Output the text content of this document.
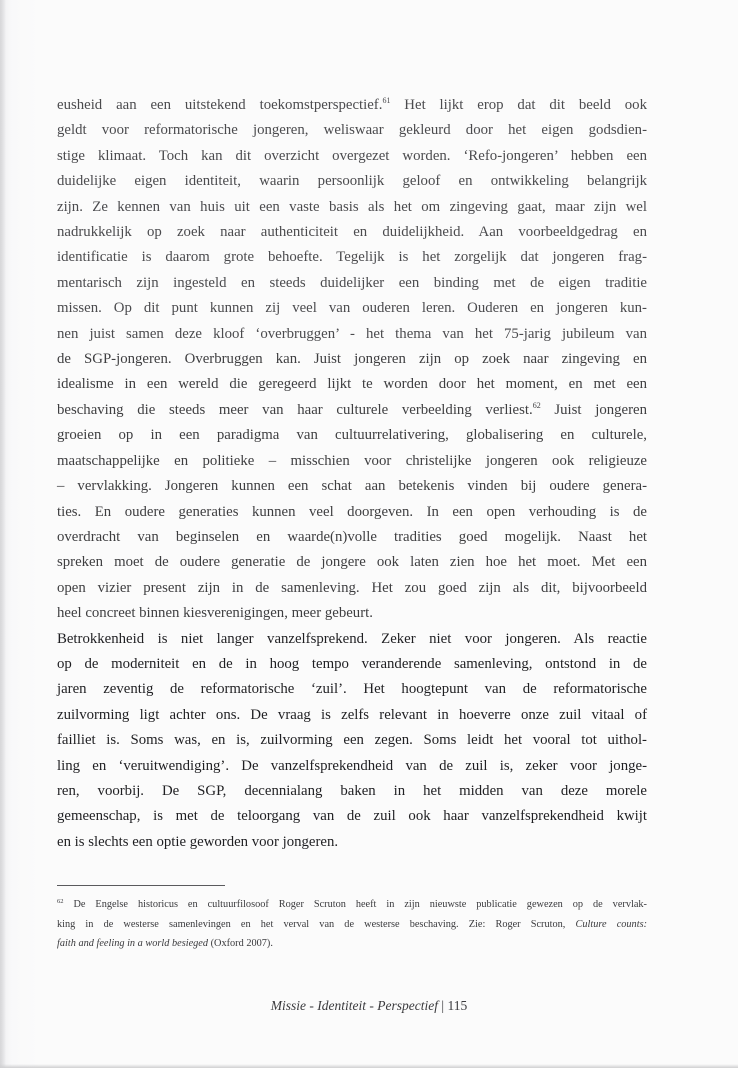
eusheid aan een uitstekend toekomstperspectief.$^{61}$ Het lijkt erop dat dit beeld ook
geldt voor reformatorische jongeren, weliswaar gekleurd door het eigen godsdien-
stige klimaat. Toch kan dit overzicht overgezet worden. ‘Refo-jongeren’ hebben een
duidelijke eigen identiteit, waarin persoonlijk geloof en ontwikkeling belangrijk
zijn. Ze kennen van huis uit een vaste basis als het om zingeving gaat, maar zijn wel
nadrukkelijk op zoek naar authenticiteit en duidelijkheid. Aan voorbeeldgedrag en
identificatie is daarom grote behoefte. Tegelijk is het zorgelijk dat jongeren frag-
mentarisch zijn ingesteld en steeds duidelijker een binding met de eigen traditie
missen. Op dit punt kunnen zij veel van ouderen leren. Ouderen en jongeren kun-
nen juist samen deze kloof ‘overbruggen’ - het thema van het 75-jarig jubileum van
de SGP-jongeren. Overbruggen kan. Juist jongeren zijn op zoek naar zingeving en
idealisme in een wereld die geregeerd lijkt te worden door het moment, en met een
beschaving die steeds meer van haar culturele verbeelding verliest.$^{62}$ Juist jongeren
groeien op in een paradigma van cultuurrelativering, globalisering en culturele,
maatschappelijke en politieke – misschien voor christelijke jongeren ook religieuze
– vervlakking. Jongeren kunnen een schat aan betekenis vinden bij oudere genera-
ties. En oudere generaties kunnen veel doorgeven. In een open verhouding is de
overdracht van beginselen en waarde(n)volle tradities goed mogelijk. Naast het
spreken moet de oudere generatie de jongere ook laten zien hoe het moet. Met een
open vizier present zijn in de samenleving. Het zou goed zijn als dit, bijvoorbeeld
heel concreet binnen kiesverenigingen, meer gebeurt.
Betrokkenheid is niet langer vanzelfsprekend. Zeker niet voor jongeren. Als reactie
op de moderniteit en de in hoog tempo veranderende samenleving, ontstond in de
jaren zeventig de reformatorische ‘zuil’. Het hoogtepunt van de reformatorische
zuilvorming ligt achter ons. De vraag is zelfs relevant in hoeverre onze zuil vitaal of
failliet is. Soms was, en is, zuilvorming een zegen. Soms leidt het vooral tot uithol-
ling en ‘veruitwendiging’. De vanzelfsprekendheid van de zuil is, zeker voor jonge-
ren, voorbij. De SGP, decennialang baken in het midden van deze morele
gemeenschap, is met de teloorgang van de zuil ook haar vanzelfsprekendheid kwijt
en is slechts een optie geworden voor jongeren.
$^{62}$ De Engelse historicus en cultuurfilosoof Roger Scruton heeft in zijn nieuwste publicatie gewezen op de vervlak-
king in de westerse samenlevingen en het verval van de westerse beschaving. Zie: Roger Scruton, Culture counts:
faith and feeling in a world besieged (Oxford 2007).
Missie - Identiteit - Perspectief | 115
